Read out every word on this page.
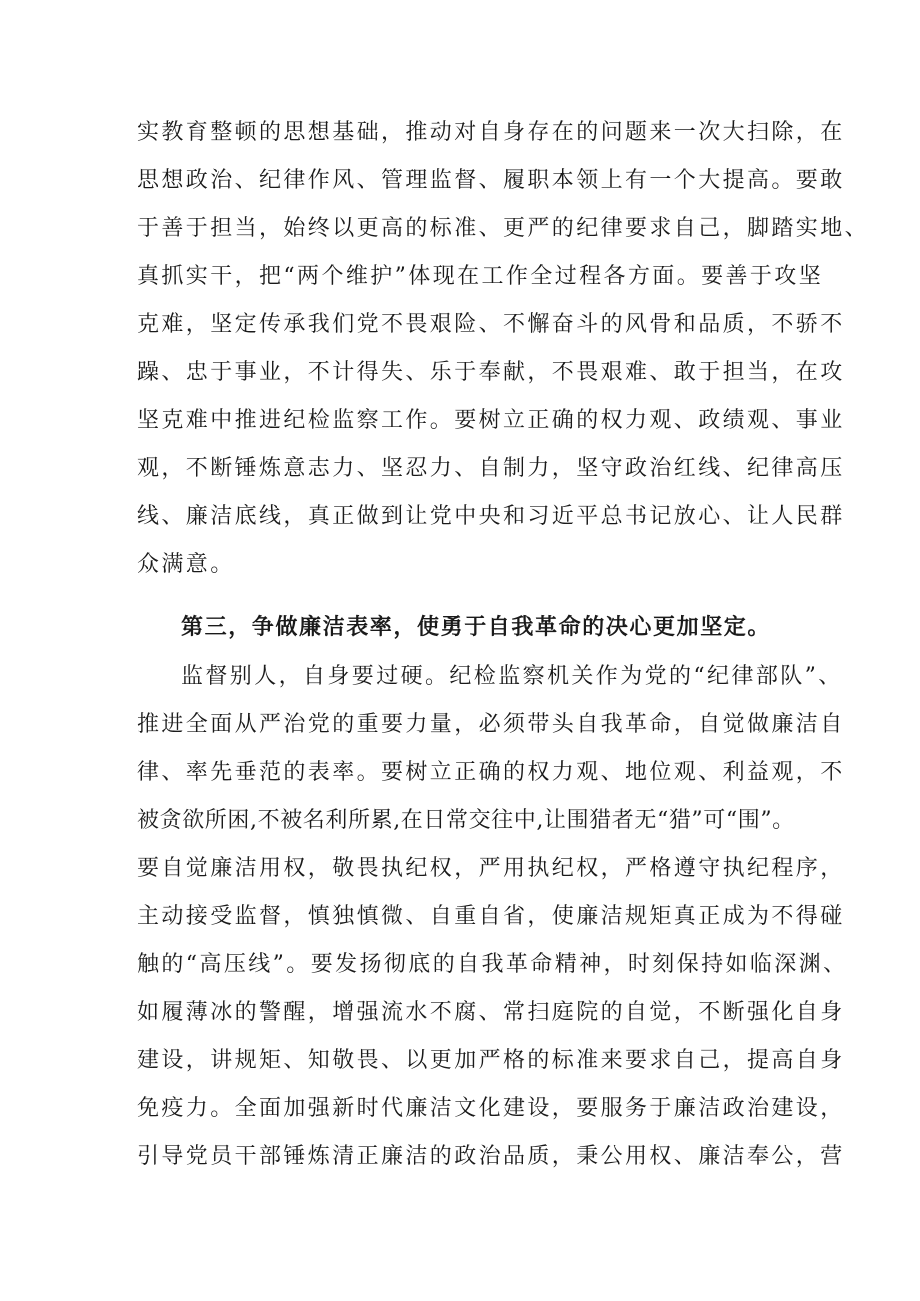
实教育整顿的思想基础，推动对自身存在的问题来一次大扫除，在
思想政治、纪律作风、管理监督、履职本领上有一个大提高。要敢
于善于担当，始终以更高的标准、更严的纪律要求自己，脚踏实地、
真抓实干，把“两个维护”体现在工作全过程各方面。要善于攻坚
克难，坚定传承我们党不畏艰险、不懈奋斗的风骨和品质，不骄不
躁、忠于事业，不计得失、乐于奉献，不畏艰难、敢于担当，在攻
坚克难中推进纪检监察工作。要树立正确的权力观、政绩观、事业
观，不断锤炼意志力、坚忍力、自制力，坚守政治红线、纪律高压
线、廉洁底线，真正做到让党中央和习近平总书记放心、让人民群
众满意。
第三，争做廉洁表率，使勇于自我革命的决心更加坚定。
监督别人，自身要过硬。纪检监察机关作为党的“纪律部队”、
推进全面从严治党的重要力量，必须带头自我革命，自觉做廉洁自
律、率先垂范的表率。要树立正确的权力观、地位观、利益观，不
被贪欲所困,不被名利所累,在日常交往中,让围猎者无“猎”可“围”。
要自觉廉洁用权，敬畏执纪权，严用执纪权，严格遵守执纪程序，
主动接受监督，慎独慎微、自重自省，使廉洁规矩真正成为不得碰
触的“高压线”。要发扬彻底的自我革命精神，时刻保持如临深渊、
如履薄冰的警醒，增强流水不腐、常扫庭院的自觉，不断强化自身
建设，讲规矩、知敬畏、以更加严格的标准来要求自己，提高自身
免疫力。全面加强新时代廉洁文化建设，要服务于廉洁政治建设，
引导党员干部锤炼清正廉洁的政治品质，秉公用权、廉洁奉公，营
